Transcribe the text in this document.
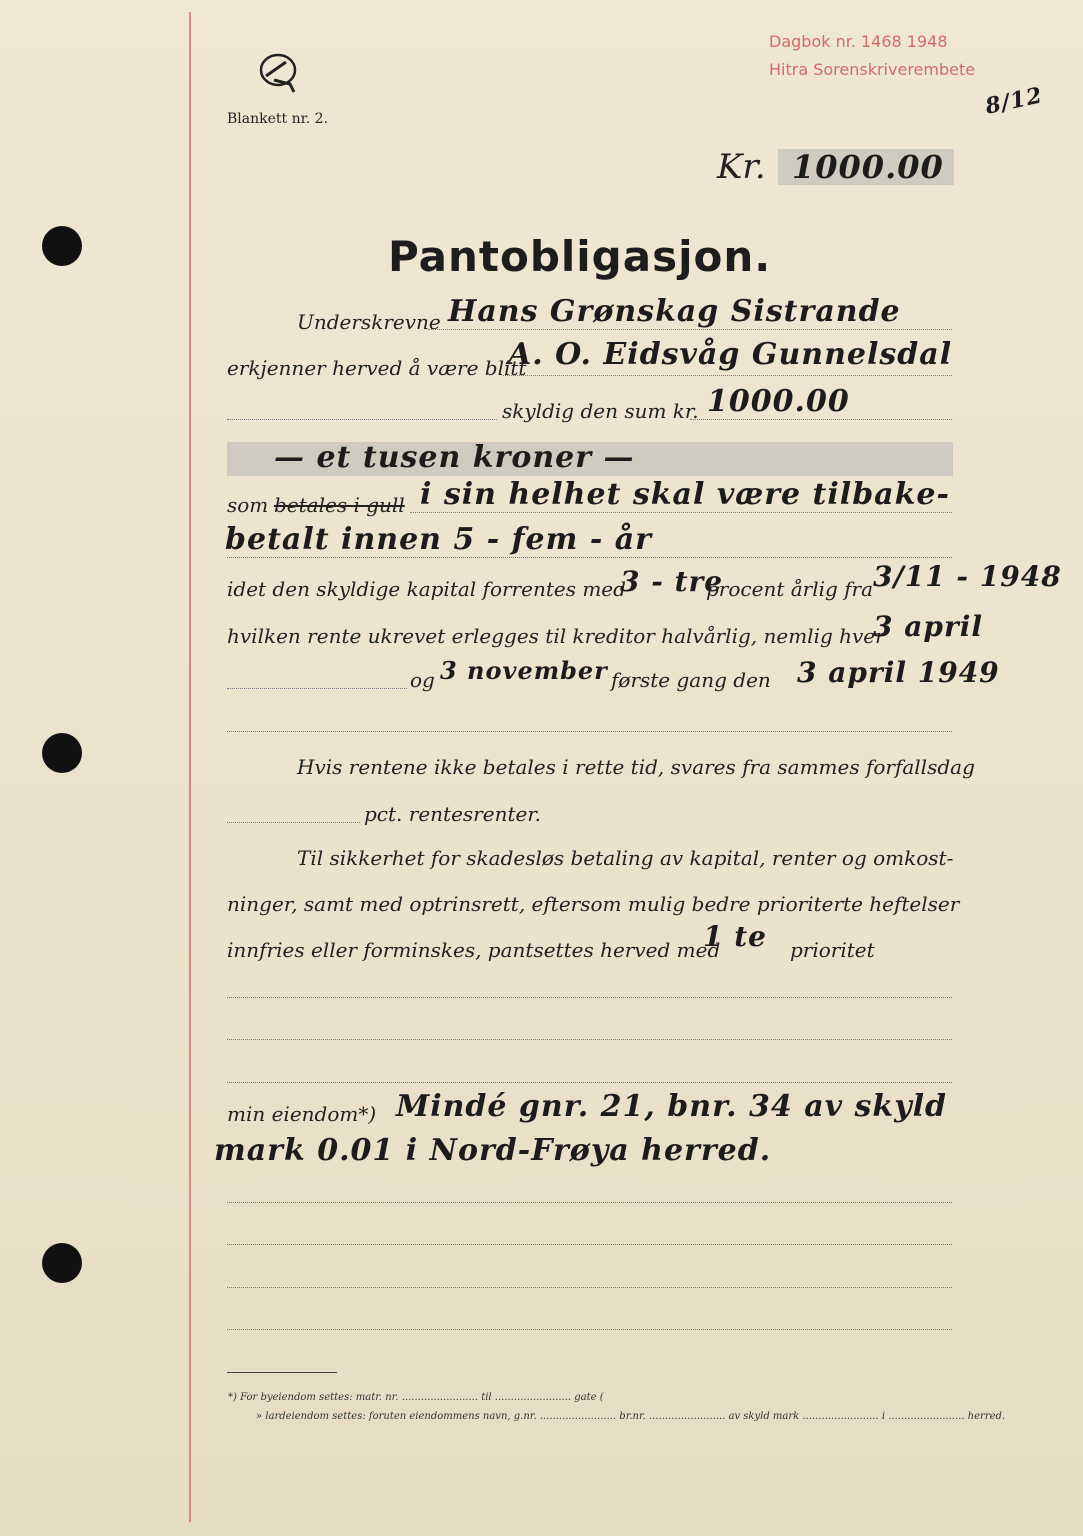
Blankett nr. 2.
Dagbok nr. 1468 1948
Hitra Sorenskriverembete
8/12
Kr. 1000.00
Pantobligasjon.
Underskrevne Hans Grønskag Sistrande
erkjenner herved å være blitt
A. O. Eidsvåg Gunnelsdal
skyldig den sum kr. 1000.00
— et tusen kroner —
som betales i gull i sin helhet skal være tilbake-
betalt innen 5 - fem - år
idet den skyldige kapital forrentes med
3 - tre
procent årlig fra 3/11 - 1948
hvilken rente ukrevet erlegges til kreditor halvårlig, nemlig hver
3 april
og 3 november første gang den 3 april 1949
Hvis rentene ikke betales i rette tid, svares fra sammes forfallsdag
pct. rentesrenter.
Til sikkerhet for skadesløs betaling av kapital, renter og omkost-
ninger, samt med optrinsrett, eftersom mulig bedre prioriterte heftelser
innfries eller forminskes, pantsettes herved med
1 te prioritet
min eiendom*) Mindé gnr. 21, bnr. 34 av skyld
mark 0.01 i Nord-Frøya herred.
*) For byeiendom settes: matr. nr. ........................ til ........................ gate (
» lardeiendom settes: foruten eiendommens navn, g.nr. ........................ br.nr. ........................ av skyld mark ........................ i ........................ herred.
